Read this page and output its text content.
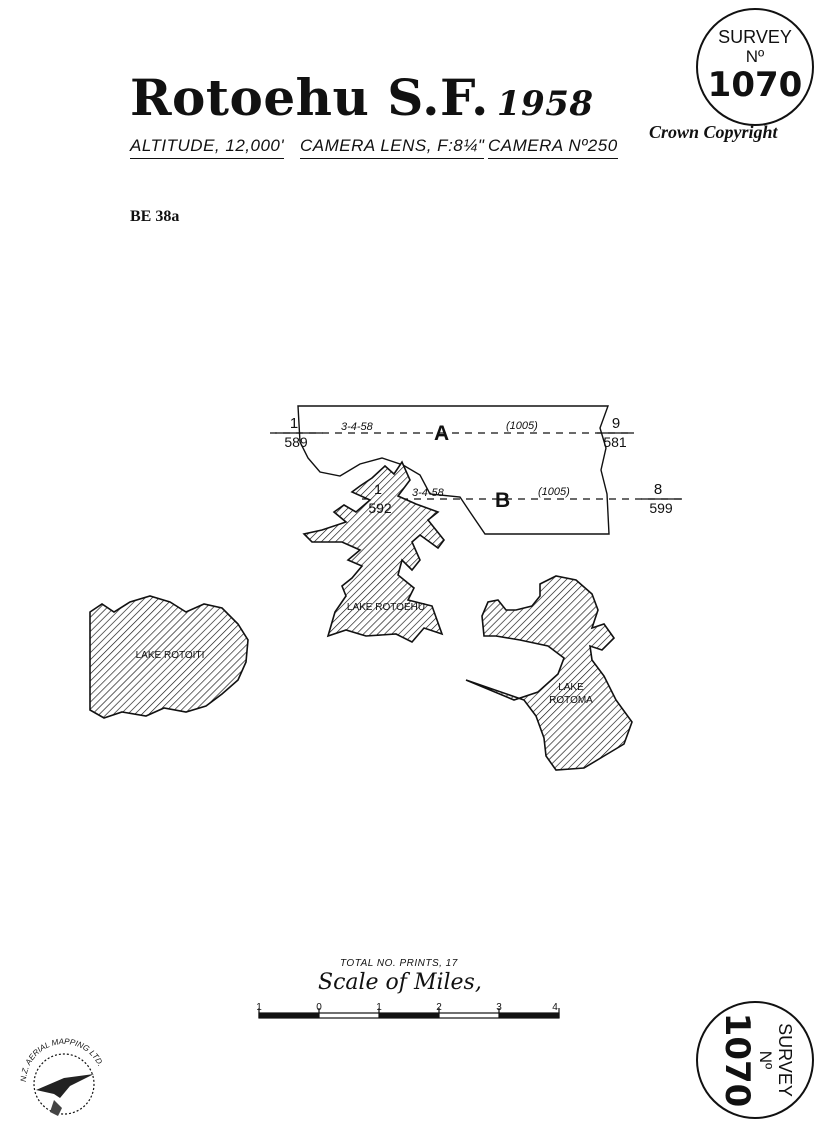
Rotoehu S.F. 1958
ALTITUDE, 12,000' CAMERA LENS, F:8¼" CAMERA Nº250
Crown Copyright
BE 38a
SURVEY
Nº
1070
SURVEY
Nº
1070
1
589
3-4-58	A	(1005)	9
581
1
592
3-4-58 B	(1005)	8
599
LAKE ROTOEHU
LAKE ROTOITI
LAKE
ROTOMA
1	0	1	2	3	4
TOTAL NO. PRINTS, 17
Scale of Miles,
N.Z. AERIAL MAPPING LTD.
